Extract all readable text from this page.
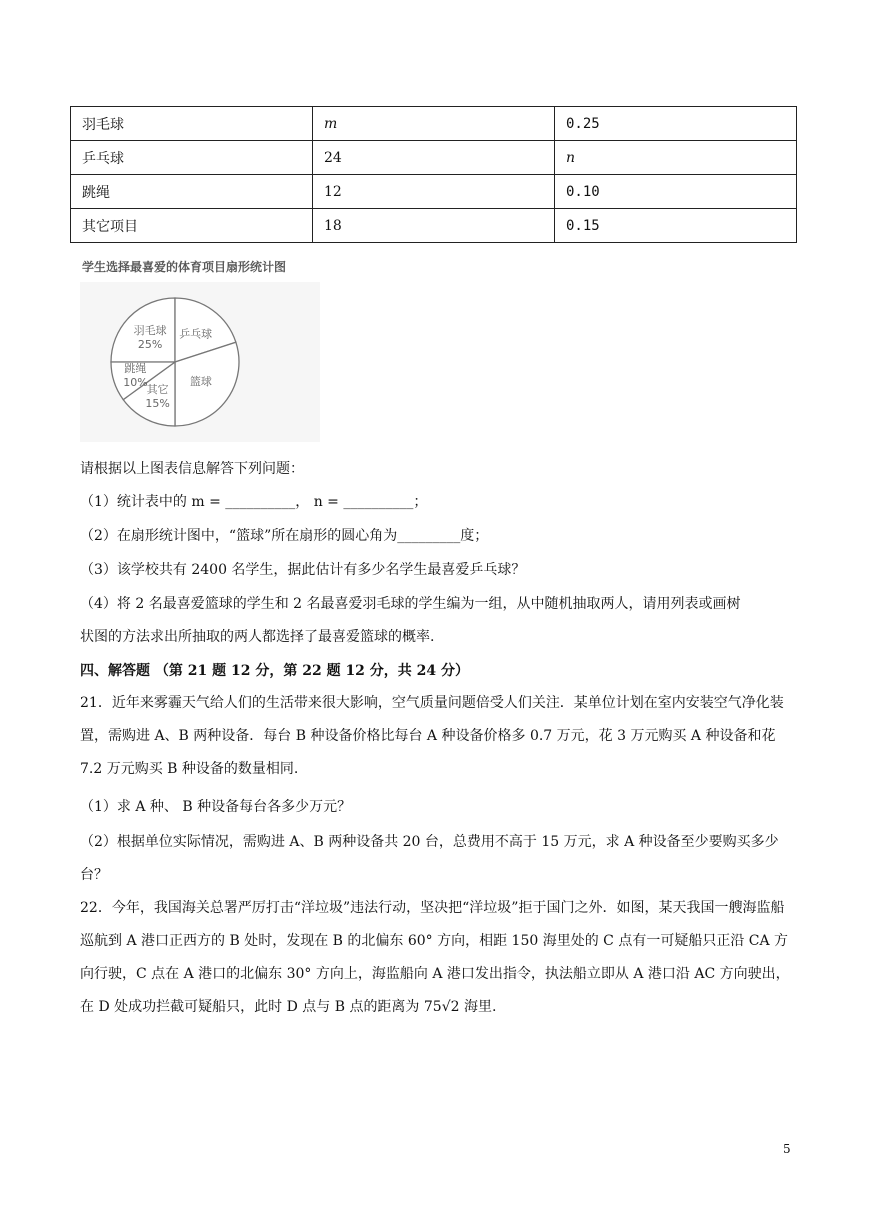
羽毛球	m	0.25
乒乓球	24	n
跳绳	12	0.10
其它项目	18	0.15
学生选择最喜爱的体育项目扇形统计图
羽毛球
25%
乒乓球
篮球
其它
15%
跳绳
10%
请根据以上图表信息解答下列问题：
（1）统计表中的 m = __________， n = __________；
（2）在扇形统计图中，“篮球”所在扇形的圆心角为_________度；
（3）该学校共有 2400 名学生，据此估计有多少名学生最喜爱乒乓球？
（4）将 2 名最喜爱篮球的学生和 2 名最喜爱羽毛球的学生编为一组，从中随机抽取两人，请用列表或画树
状图的方法求出所抽取的两人都选择了最喜爱篮球的概率.
四、解答题 （第 21 题 12 分，第 22 题 12 分，共 24 分）
21．近年来雾霾天气给人们的生活带来很大影响，空气质量问题倍受人们关注．某单位计划在室内安装空气净化装置，需购进 A、B 两种设备．每台 B 种设备价格比每台 A 种设备价格多 0.7 万元，花 3 万元购买 A 种设备和花 7.2 万元购买 B 种设备的数量相同.
（1）求 A 种、 B 种设备每台各多少万元？
（2）根据单位实际情况，需购进 A、B 两种设备共 20 台，总费用不高于 15 万元，求 A 种设备至少要购买多少台？
22．今年，我国海关总署严厉打击“洋垃圾”违法行动，坚决把“洋垃圾”拒于国门之外．如图，某天我国一艘海监船巡航到 A 港口正西方的 B 处时，发现在 B 的北偏东 60° 方向，相距 150 海里处的 C 点有一可疑船只正沿 CA 方向行驶，C 点在 A 港口的北偏东 30° 方向上，海监船向 A 港口发出指令，执法船立即从 A 港口沿 AC 方向驶出，在 D 处成功拦截可疑船只，此时 D 点与 B 点的距离为 75√2 海里.
5
